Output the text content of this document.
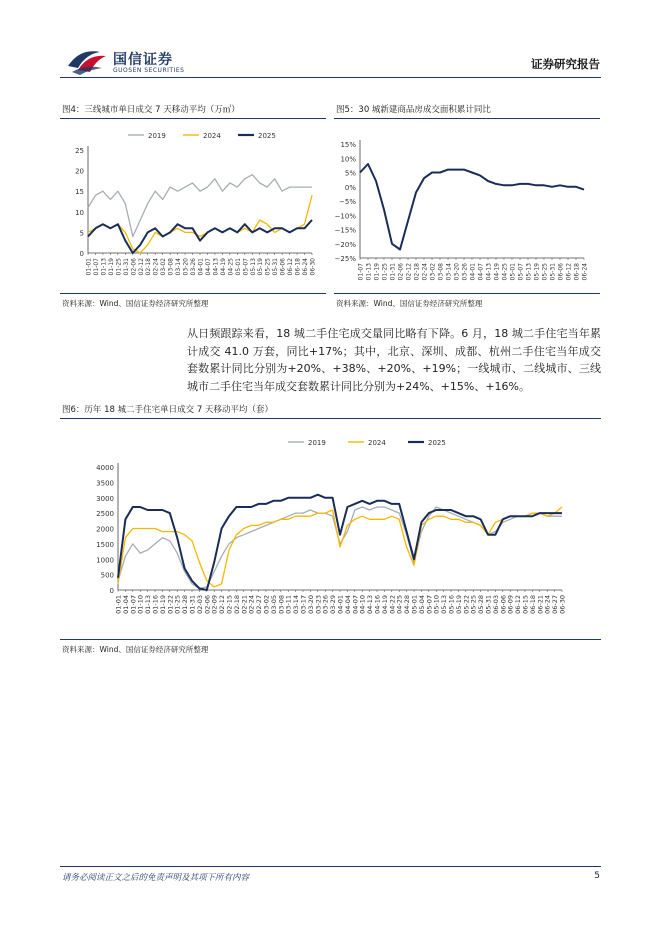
国信证券
GUOSEN SECURITIES	证券研究报告
图4：三线城市单日成交 7 天移动平均（万㎡）
2019	2024	2025
0
5
10
15
20
25
01-01 01-07 01-13 01-19 01-25 01-31 02-06 02-12 02-18 02-24 03-02 03-08 03-14 03-20 03-26 04-01 04-07 04-13 04-19 04-25 05-01 05-07 05-13 05-19 05-25 05-31 06-06 06-12 06-18 06-24 06-30
资料来源：Wind、国信证券经济研究所整理
图5：30 城新建商品房成交面积累计同比
15%
10%
5%
0%
−5%
−10%
−15%
−20%
−25%
01-07 01-13 01-19 01-25 01-31 02-06 02-12 02-18 02-24 03-02 03-08 03-14 03-20 03-26 04-01 04-07 04-13 04-19 04-25 05-01 05-07 05-13 05-19 05-25 05-31 06-06 06-12 06-18 06-24
资料来源：Wind、国信证券经济研究所整理
从日频跟踪来看，18 城二手住宅成交量同比略有下降。6 月，18 城二手住宅当年累计成交 41.0 万套，同比+17%；其中，北京、深圳、成都、杭州二手住宅当年成交套数累计同比分别为+20%、+38%、+20%、+19%；一线城市、二线城市、三线城市二手住宅当年成交套数累计同比分别为+24%、+15%、+16%。
图6：历年 18 城二手住宅单日成交 7 天移动平均（套）
2019	2024	2025
0
500
1000
1500
2000
2500
3000
3500
4000
01-01 01-04 01-07 01-10 01-13 01-16 01-19 01-22 01-25 01-28 01-31 02-03 02-06 02-09 02-12 02-15 02-18 02-21 02-24 02-27 03-02 03-05 03-08 03-11 03-14 03-17 03-20 03-23 03-26 03-29 04-01 04-04 04-07 04-10 04-13 04-16 04-19 04-22 04-25 04-28 05-01 05-04 05-07 05-10 05-13 05-16 05-19 05-22 05-25 05-28 05-31 06-03 06-06 06-09 06-12 06-15 06-18 06-21 06-24 06-27 06-30
资料来源：Wind、国信证券经济研究所整理
请务必阅读正文之后的免责声明及其项下所有内容	5
